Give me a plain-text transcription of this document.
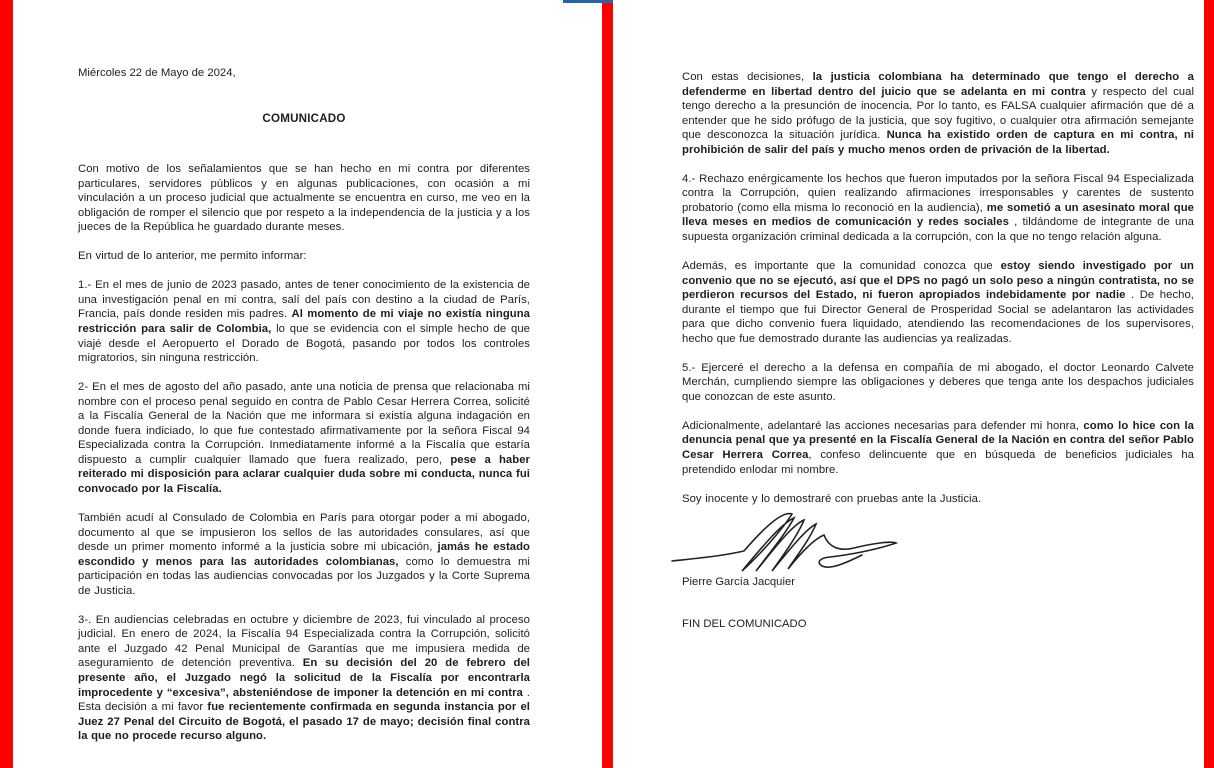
Miércoles 22 de Mayo de 2024,

COMUNICADO

Con motivo de los señalamientos que se han hecho en mi contra por diferentes particulares, servidores públicos y en algunas publicaciones, con ocasión a mi vinculación a un proceso judicial que actualmente se encuentra en curso, me veo en la obligación de romper el silencio que por respeto a la independencia de la justicia y a los jueces de la República he guardado durante meses.

En virtud de lo anterior, me permito informar:

1.- En el mes de junio de 2023 pasado, antes de tener conocimiento de la existencia de una investigación penal en mi contra, salí del país con destino a la ciudad de París, Francia, país donde residen mis padres. Al momento de mi viaje no existía ninguna restricción para salir de Colombia, lo que se evidencia con el simple hecho de que viajé desde el Aeropuerto el Dorado de Bogotá, pasando por todos los controles migratorios, sin ninguna restricción.

2- En el mes de agosto del año pasado, ante una noticia de prensa que relacionaba mi nombre con el proceso penal seguido en contra de Pablo Cesar Herrera Correa, solicité a la Fiscalía General de la Nación que me informara si existía alguna indagación en donde fuera indiciado, lo que fue contestado afirmativamente por la señora Fiscal 94 Especializada contra la Corrupción. Inmediatamente informé a la Fiscalía que estaría dispuesto a cumplir cualquier llamado que fuera realizado, pero, pese a haber reiterado mi disposición para aclarar cualquier duda sobre mi conducta, nunca fui convocado por la Fiscalía.

También acudí al Consulado de Colombia en París para otorgar poder a mi abogado, documento al que se impusieron los sellos de las autoridades consulares, así que desde un primer momento informé a la justicia sobre mi ubicación, jamás he estado escondido y menos para las autoridades colombianas, como lo demuestra mi participación en todas las audiencias convocadas por los Juzgados y la Corte Suprema de Justicia.

3-. En audiencias celebradas en octubre y diciembre de 2023, fui vinculado al proceso judicial. En enero de 2024, la Fiscalía 94 Especializada contra la Corrupción, solicitó ante el Juzgado 42 Penal Municipal de Garantías que me impusiera medida de aseguramiento de detención preventiva. En su decisión del 20 de febrero del presente año, el Juzgado negó la solicitud de la Fiscalía por encontrarla improcedente y “excesiva”, absteniéndose de imponer la detención en mi contra . Esta decisión a mi favor fue recientemente confirmada en segunda instancia por el Juez 27 Penal del Circuito de Bogotá, el pasado 17 de mayo; decisión final contra la que no procede recurso alguno.

Con estas decisiones, la justicia colombiana ha determinado que tengo el derecho a defenderme en libertad dentro del juicio que se adelanta en mi contra y respecto del cual tengo derecho a la presunción de inocencia. Por lo tanto, es FALSA cualquier afirmación que dé a entender que he sido prófugo de la justicia, que soy fugitivo, o cualquier otra afirmación semejante que desconozca la situación jurídica. Nunca ha existido orden de captura en mi contra, ni prohibición de salir del país y mucho menos orden de privación de la libertad.

4.- Rechazo enérgicamente los hechos que fueron imputados por la señora Fiscal 94 Especializada contra la Corrupción, quien realizando afirmaciones irresponsables y carentes de sustento probatorio (como ella misma lo reconoció en la audiencia), me sometió a un asesinato moral que lleva meses en medios de comunicación y redes sociales , tildándome de integrante de una supuesta organización criminal dedicada a la corrupción, con la que no tengo relación alguna.

Además, es importante que la comunidad conozca que estoy siendo investigado por un convenio que no se ejecutó, así que el DPS no pagó un solo peso a ningún contratista, no se perdieron recursos del Estado, ni fueron apropiados indebidamente por nadie . De hecho, durante el tiempo que fui Director General de Prosperidad Social se adelantaron las actividades para que dicho convenio fuera liquidado, atendiendo las recomendaciones de los supervisores, hecho que fue demostrado durante las audiencias ya realizadas.

5.- Ejerceré el derecho a la defensa en compañía de mi abogado, el doctor Leonardo Calvete Merchán, cumpliendo siempre las obligaciones y deberes que tenga ante los despachos judiciales que conozcan de este asunto.

Adicionalmente, adelantaré las acciones necesarias para defender mi honra, como lo hice con la denuncia penal que ya presenté en la Fiscalía General de la Nación en contra del señor Pablo Cesar Herrera Correa, confeso delincuente que en búsqueda de beneficios judiciales ha pretendido enlodar mi nombre.

Soy inocente y lo demostraré con pruebas ante la Justicia.

Pierre García Jacquier

FIN DEL COMUNICADO
